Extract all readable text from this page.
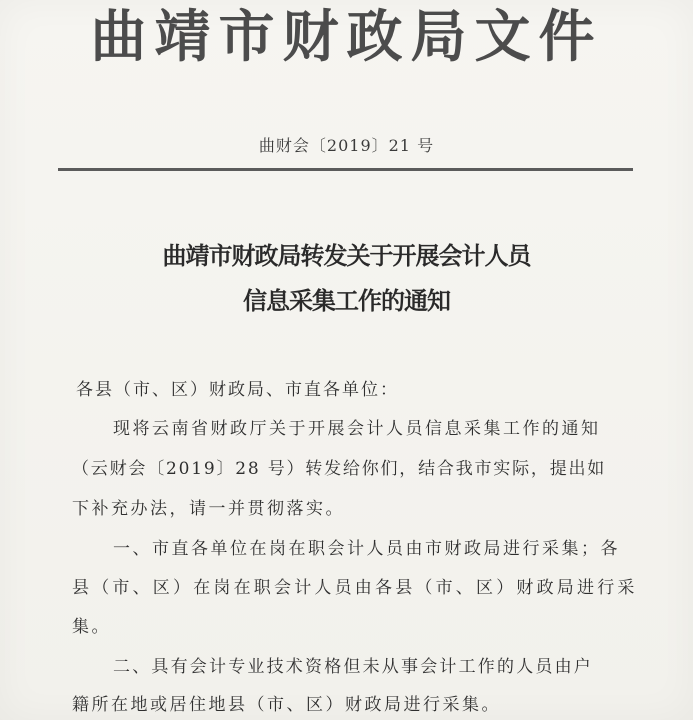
曲靖市财政局文件
曲财会〔2019〕21 号
曲靖市财政局转发关于开展会计人员
信息采集工作的通知
各县（市、区）财政局、市直各单位：
现将云南省财政厅关于开展会计人员信息采集工作的通知
（云财会〔2019〕28 号）转发给你们，结合我市实际，提出如
下补充办法，请一并贯彻落实。
一、市直各单位在岗在职会计人员由市财政局进行采集；各
县（市、区）在岗在职会计人员由各县（市、区）财政局进行采
集。
二、具有会计专业技术资格但未从事会计工作的人员由户
籍所在地或居住地县（市、区）财政局进行采集。
